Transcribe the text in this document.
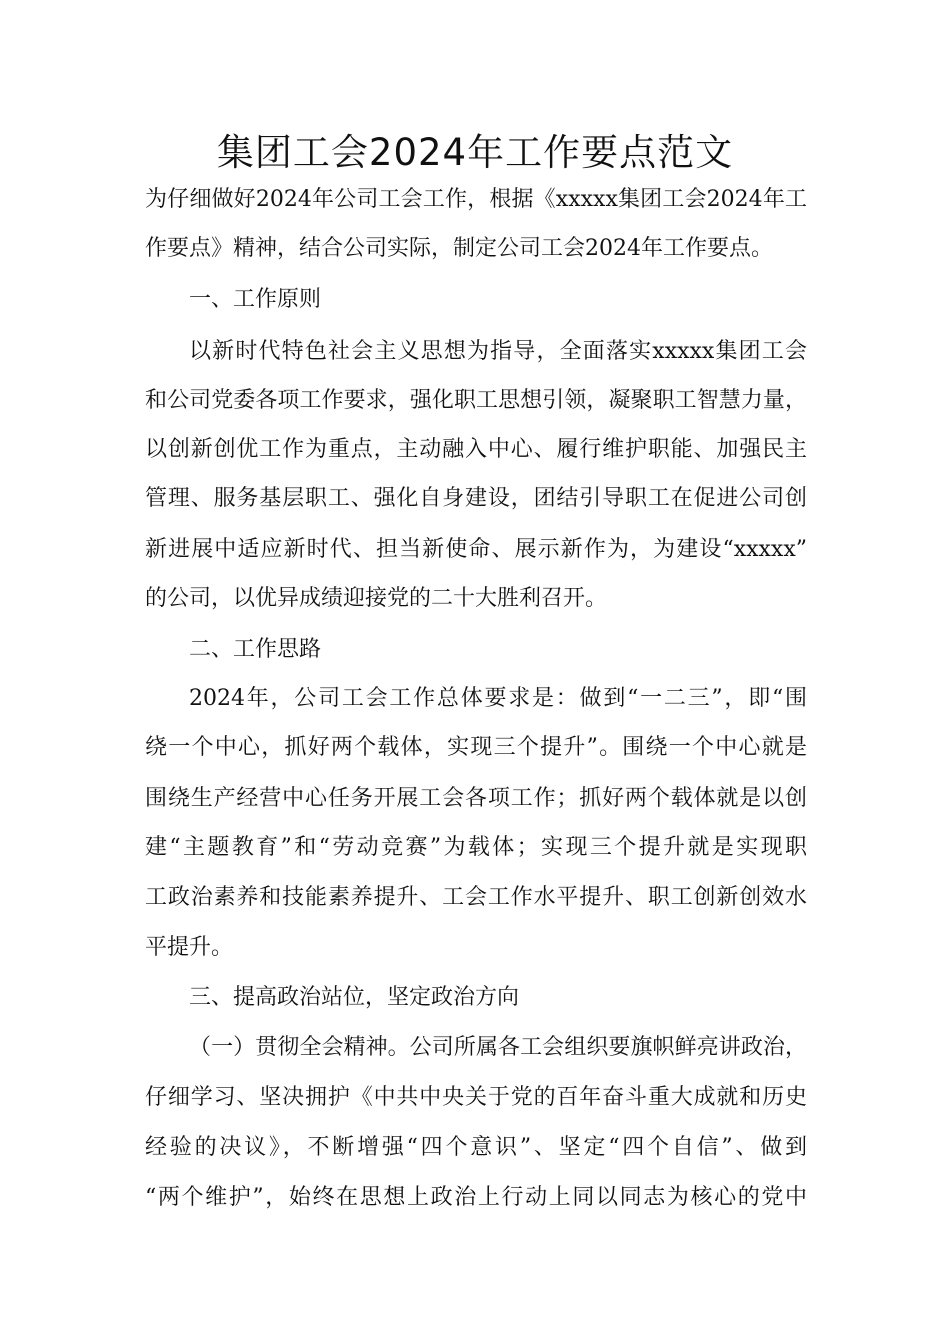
集团工会2024年工作要点范文
为仔细做好2024年公司工会工作，根据《xxxxx集团工会2024年工
作要点》精神，结合公司实际，制定公司工会2024年工作要点。
一、工作原则
以新时代特色社会主义思想为指导，全面落实xxxxx集团工会
和公司党委各项工作要求，强化职工思想引领，凝聚职工智慧力量，
以创新创优工作为重点，主动融入中心、履行维护职能、加强民主
管理、服务基层职工、强化自身建设，团结引导职工在促进公司创
新进展中适应新时代、担当新使命、展示新作为，为建设“xxxxx”
的公司，以优异成绩迎接党的二十大胜利召开。
二、工作思路
2024年，公司工会工作总体要求是：做到“一二三”，即“围
绕一个中心，抓好两个载体，实现三个提升”。围绕一个中心就是
围绕生产经营中心任务开展工会各项工作；抓好两个载体就是以创
建“主题教育”和“劳动竞赛”为载体；实现三个提升就是实现职
工政治素养和技能素养提升、工会工作水平提升、职工创新创效水
平提升。
三、提高政治站位，坚定政治方向
（一）贯彻全会精神。公司所属各工会组织要旗帜鲜亮讲政治，
仔细学习、坚决拥护《中共中央关于党的百年奋斗重大成就和历史
经验的决议》，不断增强“四个意识”、坚定“四个自信”、做到
“两个维护”，始终在思想上政治上行动上同以同志为核心的党中
